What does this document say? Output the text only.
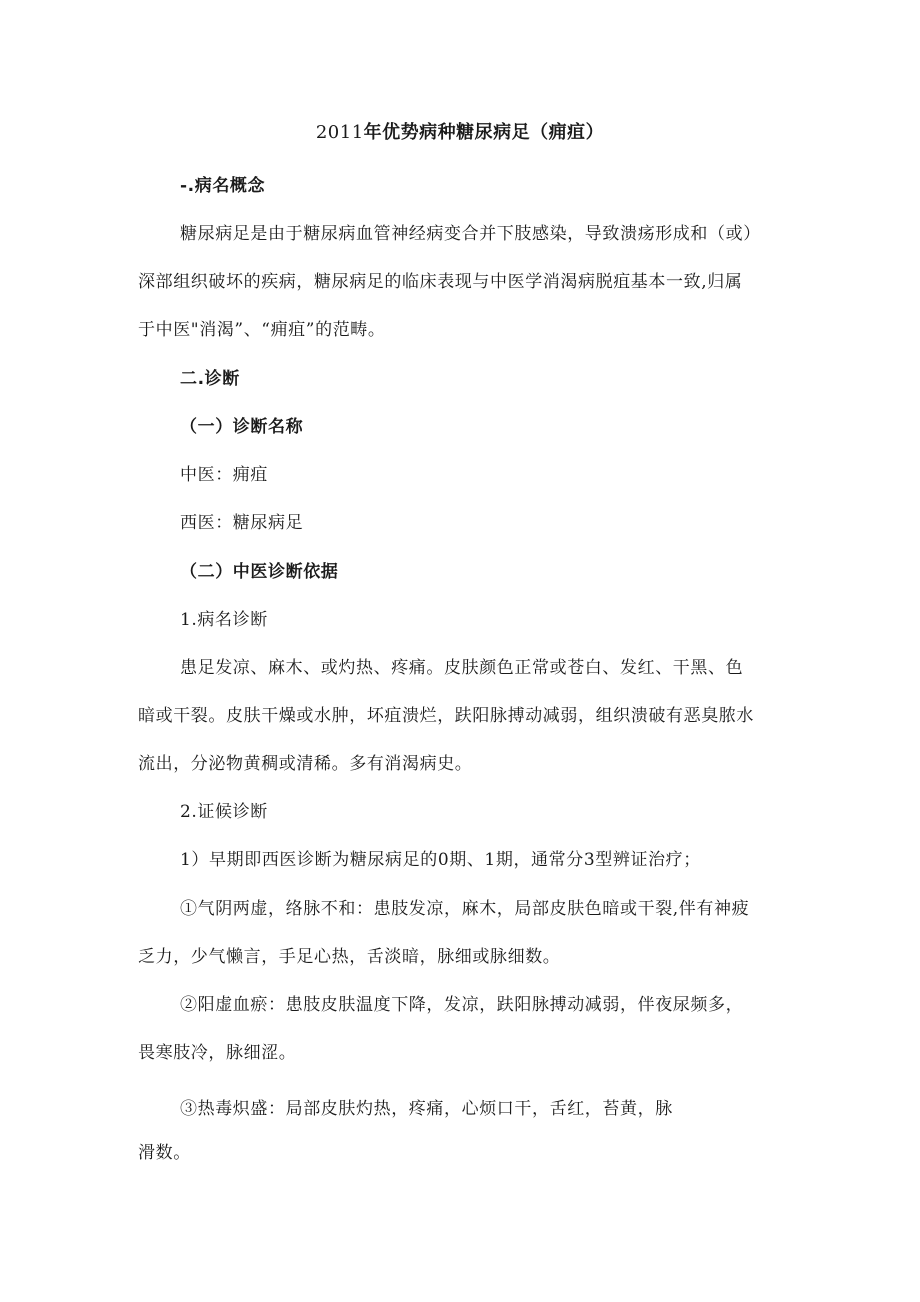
2011年优势病种糖尿病足（痈疽）
-.病名概念
糖尿病足是由于糖尿病血管神经病变合并下肢感染，导致溃疡形成和（或）
深部组织破坏的疾病，糖尿病足的临床表现与中医学消渴病脱疽基本一致,归属
于中医"消渴”、“痈疽”的范畴。
二.诊断
（一）诊断名称
中医：痈疽
西医：糖尿病足
（二）中医诊断依据
1.病名诊断
患足发凉、麻木、或灼热、疼痛。皮肤颜色正常或苍白、发红、干黑、色
暗或干裂。皮肤干燥或水肿，坏疽溃烂，趺阳脉搏动减弱，组织溃破有恶臭脓水
流出，分泌物黄稠或清稀。多有消渴病史。
2.证候诊断
1）早期即西医诊断为糖尿病足的0期、1期，通常分3型辨证治疗；
①气阴两虚，络脉不和：患肢发凉，麻木，局部皮肤色暗或干裂,伴有神疲
乏力，少气懒言，手足心热，舌淡暗，脉细或脉细数。
②阳虚血瘀：患肢皮肤温度下降，发凉，趺阳脉搏动减弱，伴夜尿频多，
畏寒肢冷，脉细涩。
③热毒炽盛：局部皮肤灼热，疼痛，心烦口干，舌红，苔黄，脉
滑数。
